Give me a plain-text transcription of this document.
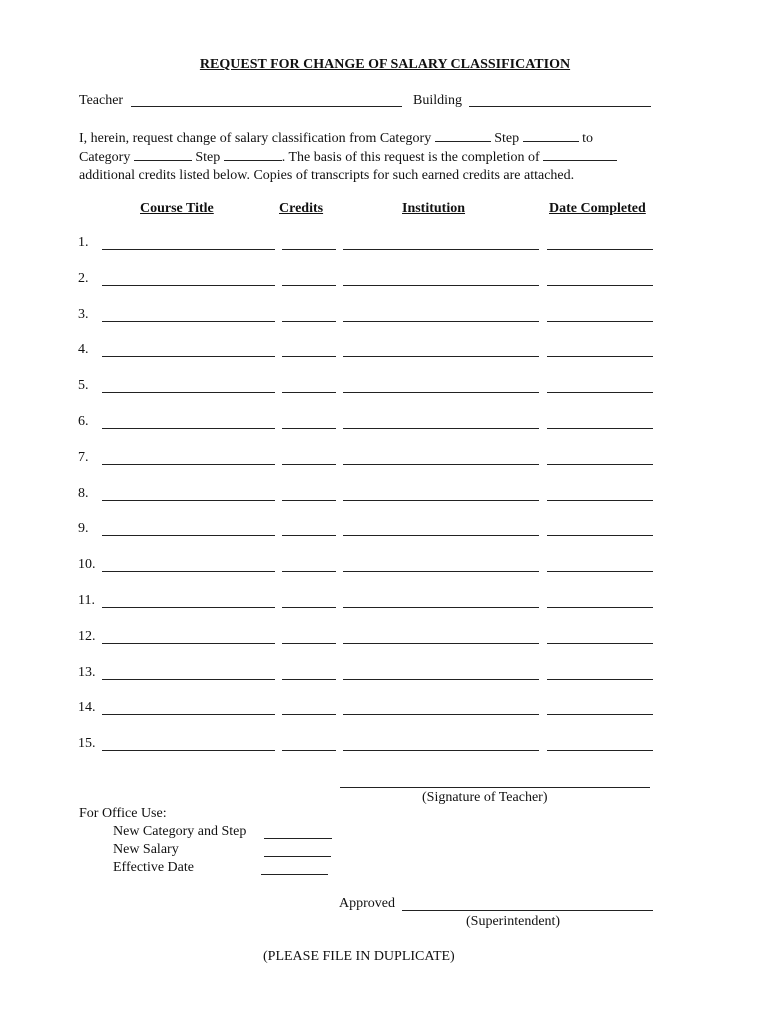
REQUEST FOR CHANGE OF SALARY CLASSIFICATION
Teacher	Building
I, herein, request change of salary classification from Category	Step	to
Category	Step	. The basis of this request is the completion of
additional credits listed below. Copies of transcripts for such earned credits are attached.
Course Title	Credits	Institution	Date Completed
1.
2.
3.
4.
5.
6.
7.
8.
9.
10.
11.
12.
13.
14.
15.
(Signature of Teacher)
For Office Use:
New Category and Step
New Salary
Effective Date
Approved
(Superintendent)
(PLEASE FILE IN DUPLICATE)
